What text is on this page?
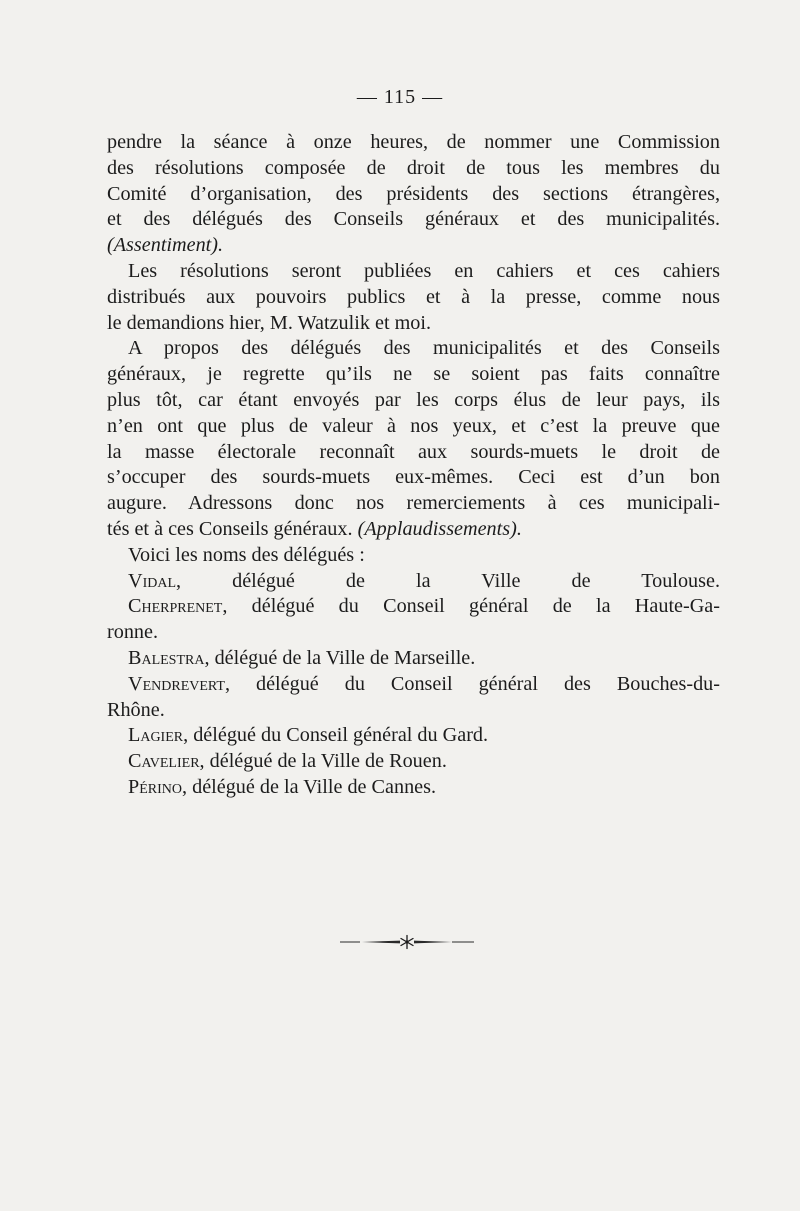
— 115 —

pendre la séance à onze heures, de nommer une Commission

des résolutions composée de droit de tous les membres du

Comité d’organisation, des présidents des sections étrangères,

et des délégués des Conseils généraux et des municipalités.

(Assentiment).

Les résolutions seront publiées en cahiers et ces cahiers

distribués aux pouvoirs publics et à la presse, comme nous

le demandions hier, M. Watzulik et moi.

A propos des délégués des municipalités et des Conseils

généraux, je regrette qu’ils ne se soient pas faits connaître

plus tôt, car étant envoyés par les corps élus de leur pays, ils

n’en ont que plus de valeur à nos yeux, et c’est la preuve que

la masse électorale reconnaît aux sourds-muets le droit de

s’occuper des sourds-muets eux-mêmes. Ceci est d’un bon

augure. Adressons donc nos remerciements à ces municipali-

tés et à ces Conseils généraux. (Applaudissements).

Voici les noms des délégués :

Vidal, délégué de la Ville de Toulouse.

Cherprenet, délégué du Conseil général de la Haute-Ga-

ronne.

Balestra, délégué de la Ville de Marseille.

Vendrevert, délégué du Conseil général des Bouches-du-

Rhône.

Lagier, délégué du Conseil général du Gard.

Cavelier, délégué de la Ville de Rouen.

Périno, délégué de la Ville de Cannes.
